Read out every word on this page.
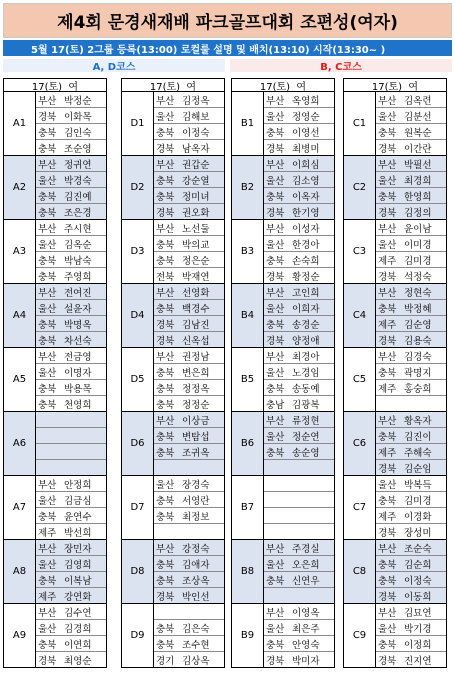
제4회 문경새재배 파크골프대회 조편성(여자)
5월 17(토) 2그룹 등록(13:00) 로컬룰 설명 및 배치(13:10) 시작(13:30~ )
A, D코스	B, C코스
17(토)  여
A1
부산 박정순
경북 이화목
충북 김인숙
충북 조순영
A2
부산 정귀연
울산 박경숙
충북 김진예
충북 조은경
A3
부산 주시현
울산 김옥순
충북 박남숙
충북 주영희
A4
부산 전여진
울산 설윤자
충북 박명옥
충북 차선숙
A5
부산 전금영
울산 이명자
충북 박용목
충북 천영희
A6
A7
부산 안정희
울산 김금심
충북 윤연수
제주 박선희
A8
부산 장민자
울산 김영희
충북 이복남
제주 강연화
A9
부산 김수연
울산 김경희
충북 이연희
경북 최영순
17(토)  여
D1
부산 김정옥
울산 김해보
충북 이정숙
경북 남옥자
D2
부산 권갑순
충북 강순열
충북 정미녀
경북 권오화
D3
부산 노선둘
충북 박의교
충북 정은순
전북 박재연
D4
부산 선영화
충북 백경수
경북 김남진
경북 신옥섭
D5
부산 권정남
충북 변은희
충북 정정옥
충북 정정순
D6
부산 이상금
충북 변탐섭
충북 조귀옥
D7
울산 장경숙
충북 서영란
충북 최정보
D8
부산 강정숙
충북 김애자
충북 조상옥
경북 박인선
D9
충북 김은숙
충북 조수현
경기 김상옥
17(토)  여
B1
부산 옥영희
울산 정영순
충북 이영선
경북 최병미
B2
부산 이희심
울산 김소영
충북 이옥자
경북 한기영
B3
부산 이성자
울산 한경아
충북 손숙희
경북 황정순
B4
부산 고인희
울산 이희자
충북 송경순
경북 양정애
B5
부산 최경아
울산 노경임
충북 송동예
충남 김광복
B6
부산 류정현
울산 정순연
충북 송순영
B7
B8
부산 주경실
울산 오은희
충북 신연우
B9
부산 이영옥
울산 최은주
충북 안영숙
경북 박미자
17(토)  여
C1
부산 김옥련
울산 김분선
충북 원복순
경북 이간란
C2
부산 박필선
울산 최경희
충북 한영희
경북 김정의
C3
부산 윤이남
울산 이미경
제주 김미경
경북 석정숙
C4
부산 정현숙
충북 박정혜
제주 김순영
경북 김용숙
C5
부산 김경숙
충북 곽명지
제주 홍숭희
C6
부산 황옥자
충북 김진이
제주 주해숙
경북 김순임
C7
울산 박복득
충북 김미경
제주 이경화
경북 장성미
C8
부산 조순숙
충북 김순희
충북 이정숙
경북 이동희
C9
부산 김묘연
울산 박기경
충북 이정희
경북 진지연
